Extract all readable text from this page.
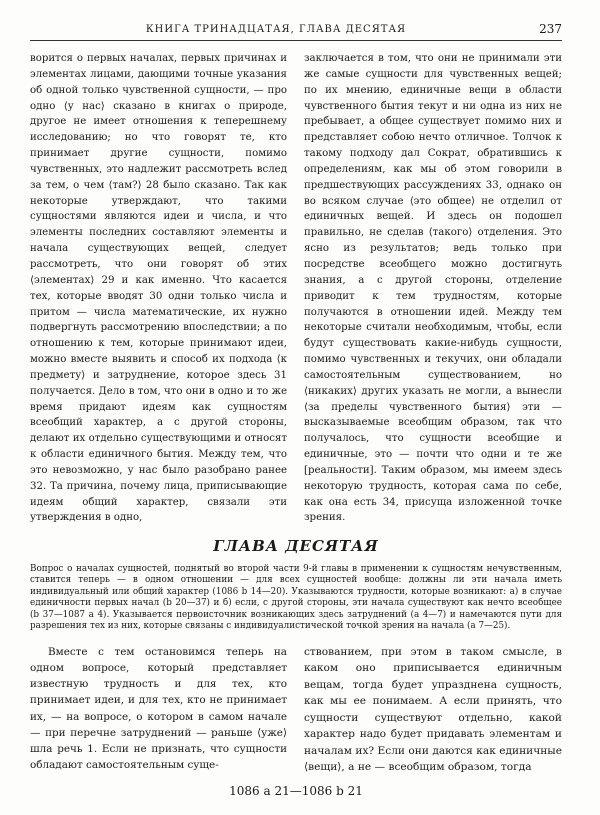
КНИГА ТРИНАДЦАТАЯ, ГЛАВА ДЕСЯТАЯ	237

ворится о первых началах, первых причинах и элементах лицами, дающими точные указания об одной только чувственной сущности, — про одно ⟨у нас⟩ сказано в книгах о природе, другое не имеет отношения к теперешнему исследованию; но что говорят те, кто принимает другие сущности, помимо чувственных, это надлежит рассмотреть вслед за тем, о чем ⟨там?⟩ 28 было сказано. Так как некоторые утверждают, что такими сущностями являются идеи и числа, и что элементы последних составляют элементы и начала существующих вещей, следует рассмотреть, что они говорят об этих ⟨элементах⟩ 29 и как именно. Что касается тех, которые вводят 30 одни только числа и притом — числа математические, их нужно подвергнуть рассмотрению впоследствии; а по отношению к тем, которые принимают идеи, можно вместе выявить и способ их подхода ⟨к предмету⟩ и затруднение, которое здесь 31 получается. Дело в том, что они в одно и то же время придают идеям как сущностям всеобщий характер, а с другой стороны, делают их отдельно существующими и относят к области единичного бытия. Между тем, что это невозможно, у нас было разобрано ранее 32. Та причина, почему лица, приписывающие идеям общий характер, связали эти утверждения в одно,

заключается в том, что они не принимали эти же самые сущности для чувственных вещей; по их мнению, единичные вещи в области чувственного бытия текут и ни одна из них не пребывает, а общее существует помимо них и представляет собою нечто отличное. Толчок к такому подходу дал Сократ, обратившись к определениям, как мы об этом говорили в предшествующих рассуждениях 33, однако он во всяком случае ⟨это общее⟩ не отделил от единичных вещей. И здесь он подошел правильно, не сделав ⟨такого⟩ отделения. Это ясно из результатов; ведь только при посредстве всеобщего можно достигнуть знания, а с другой стороны, отделение приводит к тем трудностям, которые получаются в отношении идей. Между тем некоторые считали необходимым, чтобы, если будут существовать какие-нибудь сущности, помимо чувственных и текучих, они обладали самостоятельным существованием, но ⟨никаких⟩ других указать не могли, а вынесли ⟨за пределы чувственного бытия⟩ эти — высказываемые всеобщим образом, так что получалось, что сущности всеобщие и единичные, это — почти что одни и те же [реальности]. Таким образом, мы имеем здесь некоторую трудность, которая сама по себе, как она есть 34, присуща изложенной точке зрения.

ГЛАВА ДЕСЯТАЯ
Вопрос о началах сущностей, поднятый во второй части 9-й главы в применении к сущностям нечувственным, ставится теперь — в одном отношении — для всех сущностей вообще: должны ли эти начала иметь индивидуальный или общий характер (1086 b 14—20). Указываются трудности, которые возникают: а) в случае единичности первых начал (b 20—37) и б) если, с другой стороны, эти начала существуют как нечто всеобщее (b 37—1087 a 4). Указывается первоисточник возникающих здесь затруднений (a 4—7) и намечаются пути для разрешения тех из них, которые связаны с индивидуалистической точкой зрения на начала (a 7—25).

Вместе с тем остановимся теперь на одном вопросе, который представляет известную трудность и для тех, кто принимает идеи, и для тех, кто не принимает их, — на вопросе, о котором в самом начале — при перечне затруднений — раньше ⟨уже⟩ шла речь 1. Если не признать, что сущности обладают самостоятельным суще-

ствованием, при этом в таком смысле, в каком оно приписывается единичным вещам, тогда будет упразднена сущность, как мы ее понимаем. А если принять, что сущности существуют отдельно, какой характер надо будет придавать элементам и началам их? Если они даются как единичные ⟨вещи⟩, а не — всеобщим образом, тогда

1086 a 21—1086 b 21
